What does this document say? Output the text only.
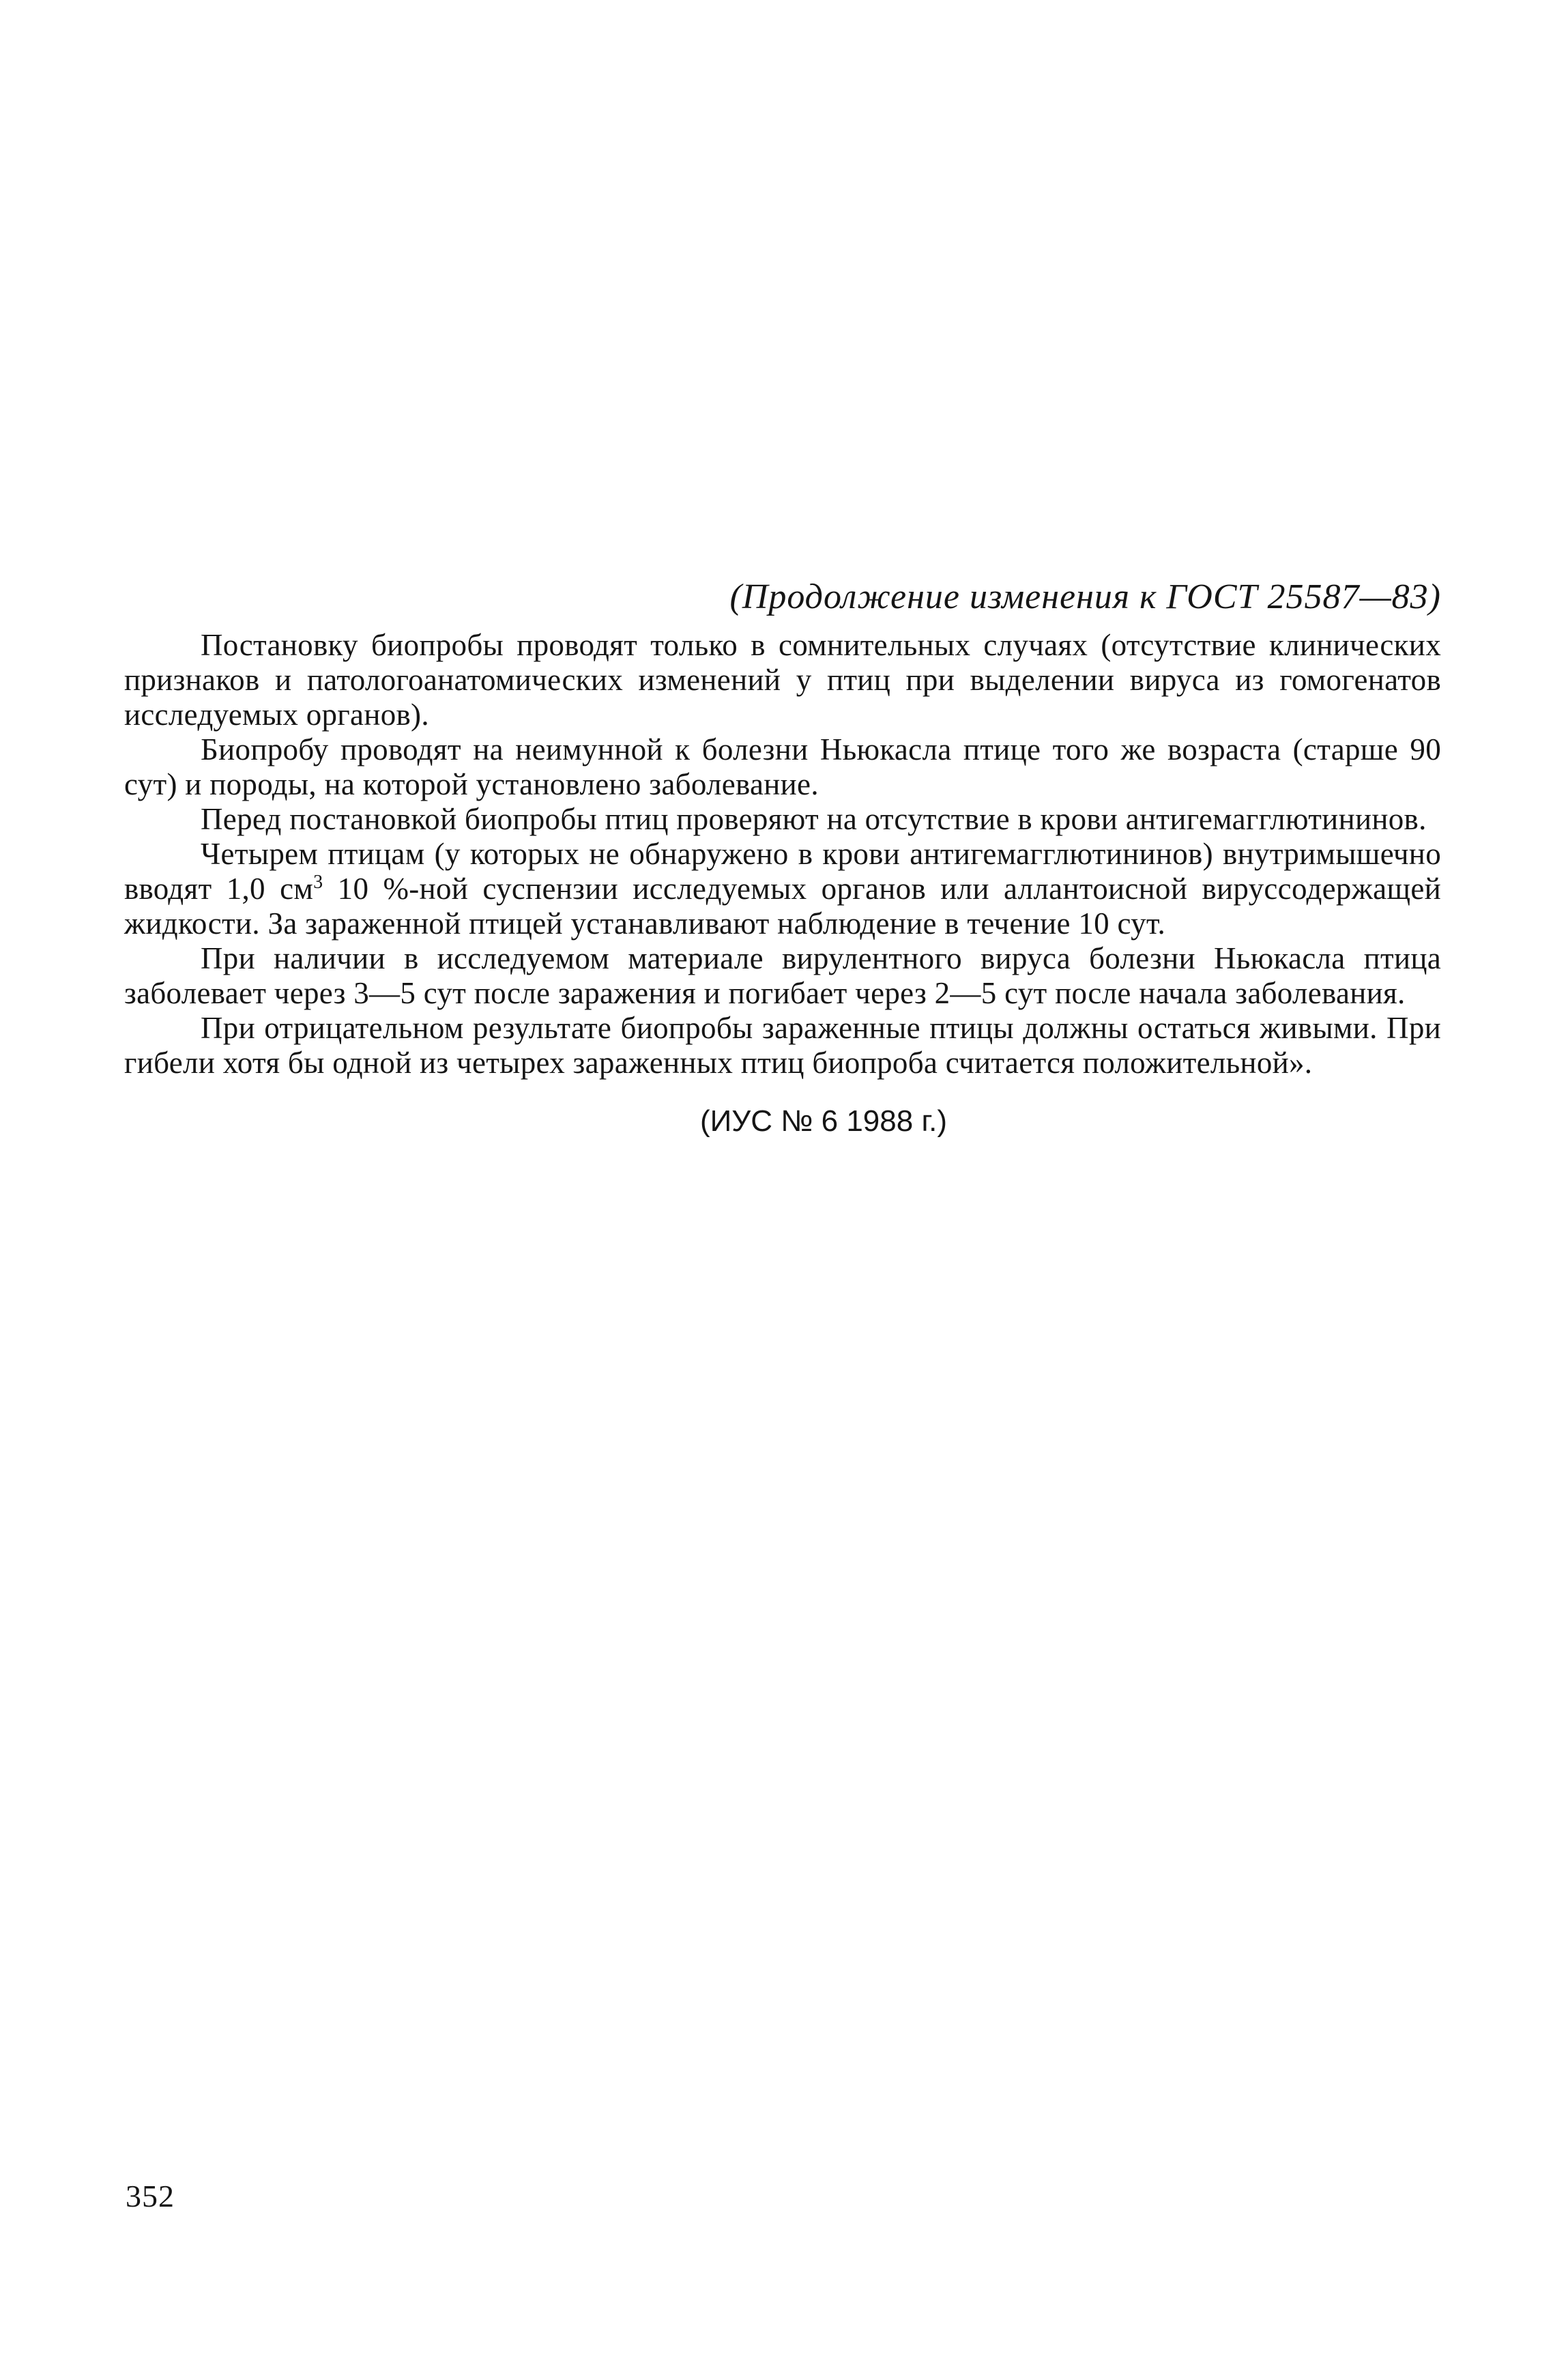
(Продолжение изменения к ГОСТ 25587—83)

Постановку биопробы проводят только в сомнительных случаях (отсутствие клинических признаков и патологоанатомических изменений у птиц при выделении вируса из гомогенатов исследуемых органов).

Биопробу проводят на неимунной к болезни Ньюкасла птице того же возраста (старше 90 сут) и породы, на которой установлено заболевание.

Перед постановкой биопробы птиц проверяют на отсутствие в крови антигемагглютининов.

Четырем птицам (у которых не обнаружено в крови антигемагглютининов) внутримышечно вводят 1,0 $см^3$ 10 %-ной суспензии исследуемых органов или аллантоисной вируссодержащей жидкости. За зараженной птицей устанавливают наблюдение в течение 10 сут.

При наличии в исследуемом материале вирулентного вируса болезни Ньюкасла птица заболевает через 3—5 сут после заражения и погибает через 2—5 сут после начала заболевания.

При отрицательном результате биопробы зараженные птицы должны остаться живыми. При гибели хотя бы одной из четырех зараженных птиц биопроба считается положительной».

(ИУС № 6 1988 г.)

352
